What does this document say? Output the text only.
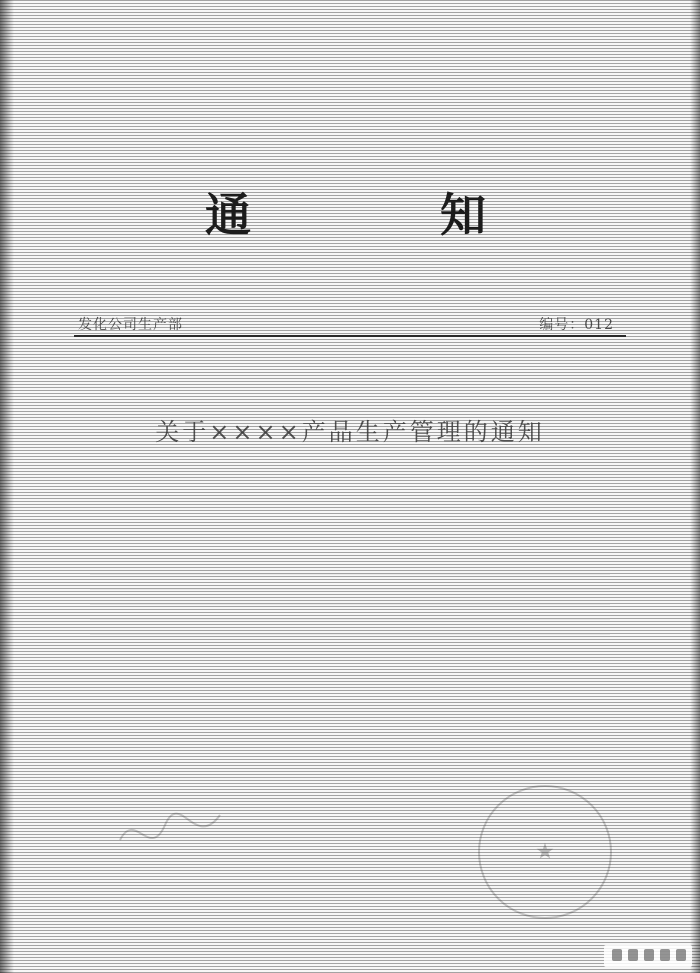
通	知
发化公司生产部	编号：012
关于××××产品生产管理的通知
★
